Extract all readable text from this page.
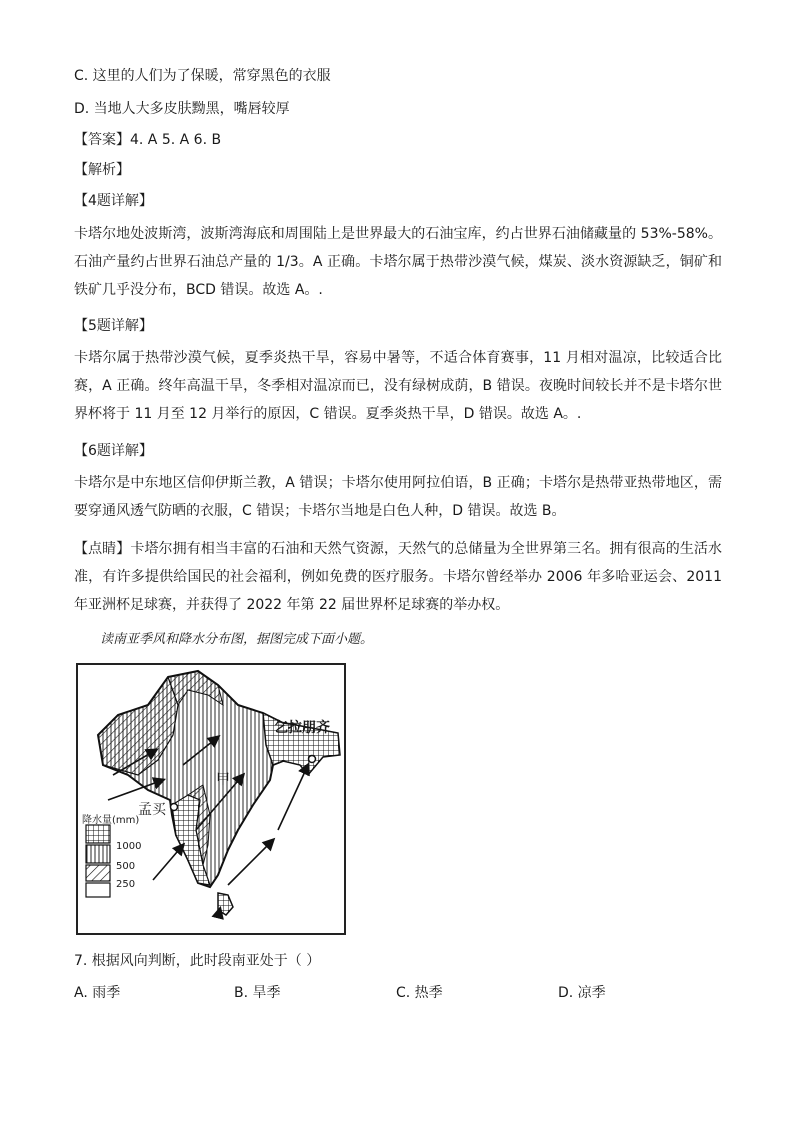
C. 这里的人们为了保暖，常穿黑色的衣服
D. 当地人大多皮肤黝黑，嘴唇较厚
【答案】4. A 5. A 6. B
【解析】
【4题详解】
卡塔尔地处波斯湾，波斯湾海底和周围陆上是世界最大的石油宝库，约占世界石油储藏量的 53%-58%。石油产量约占世界石油总产量的 1/3。A 正确。卡塔尔属于热带沙漠气候，煤炭、淡水资源缺乏，铜矿和铁矿几乎没分布，BCD 错误。故选 A。.
【5题详解】
卡塔尔属于热带沙漠气候，夏季炎热干旱，容易中暑等，不适合体育赛事，11 月相对温凉，比较适合比赛，A 正确。终年高温干旱，冬季相对温凉而已，没有绿树成荫，B 错误。夜晚时间较长并不是卡塔尔世界杯将于 11 月至 12 月举行的原因，C 错误。夏季炎热干旱，D 错误。故选 A。.
【6题详解】
卡塔尔是中东地区信仰伊斯兰教，A 错误；卡塔尔使用阿拉伯语，B 正确；卡塔尔是热带亚热带地区，需要穿通风透气防晒的衣服，C 错误；卡塔尔当地是白色人种，D 错误。故选 B。
【点睛】卡塔尔拥有相当丰富的石油和天然气资源，天然气的总储量为全世界第三名。拥有很高的生活水准，有许多提供给国民的社会福利，例如免费的医疗服务。卡塔尔曾经举办 2006 年多哈亚运会、2011 年亚洲杯足球赛，并获得了 2022 年第 22 届世界杯足球赛的举办权。
读南亚季风和降水分布图，据图完成下面小题。
乞拉朋齐
甲
孟买
降水量(mm)
1000
500
250
7. 根据风向判断，此时段南亚处于（ ）
A. 雨季	B. 旱季	C. 热季	D. 凉季
